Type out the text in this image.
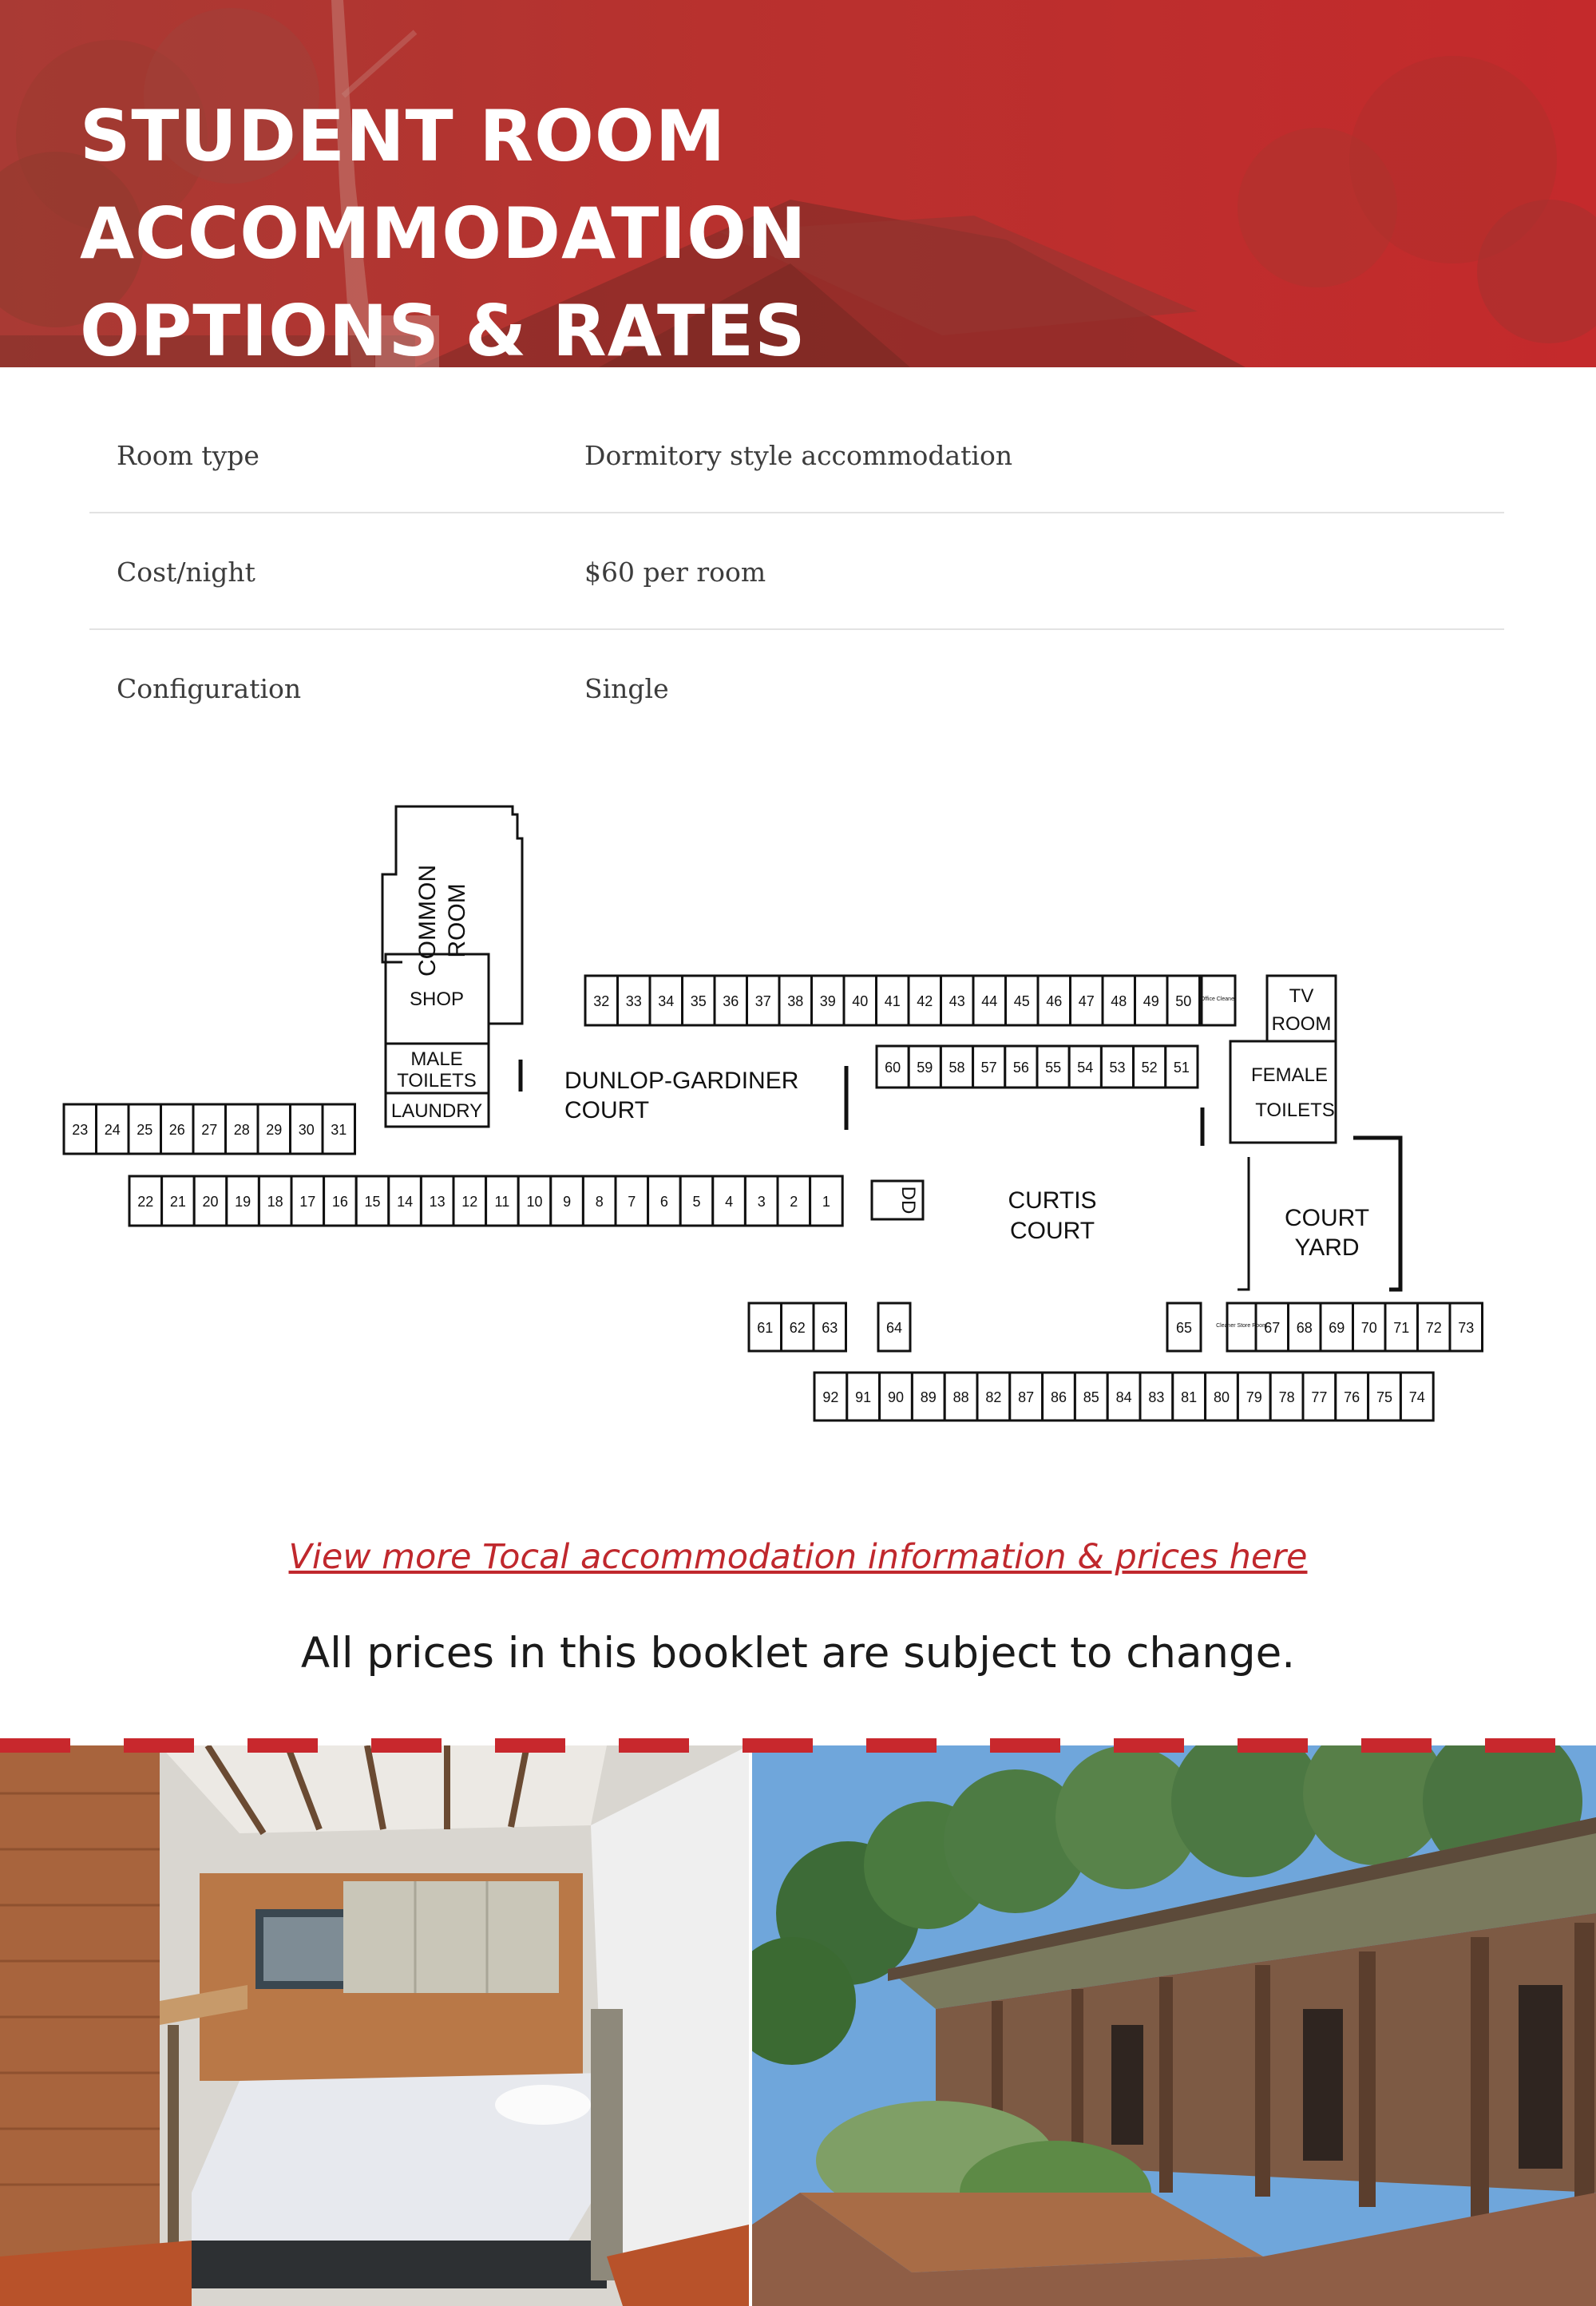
STUDENT ROOM ACCOMMODATION
OPTIONS & RATES
Room type	Dormitory style accommodation
Cost/night	$60 per room
Configuration	Single
23 24 25 26 27 28 29 30 31
22 21 20 19 18 17 16 15 14 13 12 11 10 9 8 7 6 5 4 3 2 1
32 33 34 35 36 37 38 39 40 41 42 43 44 45 46 47 48 49 50
60 59 58 57 56 55 54 53 52 51
61 62 63	64	65	67 68 69 70 71 72 73
92 91 90 89 88 82 87 86 85 84 83 81 80 79 78 77 76 75 74
Office Cleaner
Cleaner Store Room
COMMON ROOM
SHOP
MALE
TOILETS
LAUNDRY
DUNLOP-GARDINER
COURT
TV
ROOM
FEMALE
TOILETS
CURTIS
COURT	COURT
YARD
DD
View more Tocal accommodation information & prices here
All prices in this booklet are subject to change.
